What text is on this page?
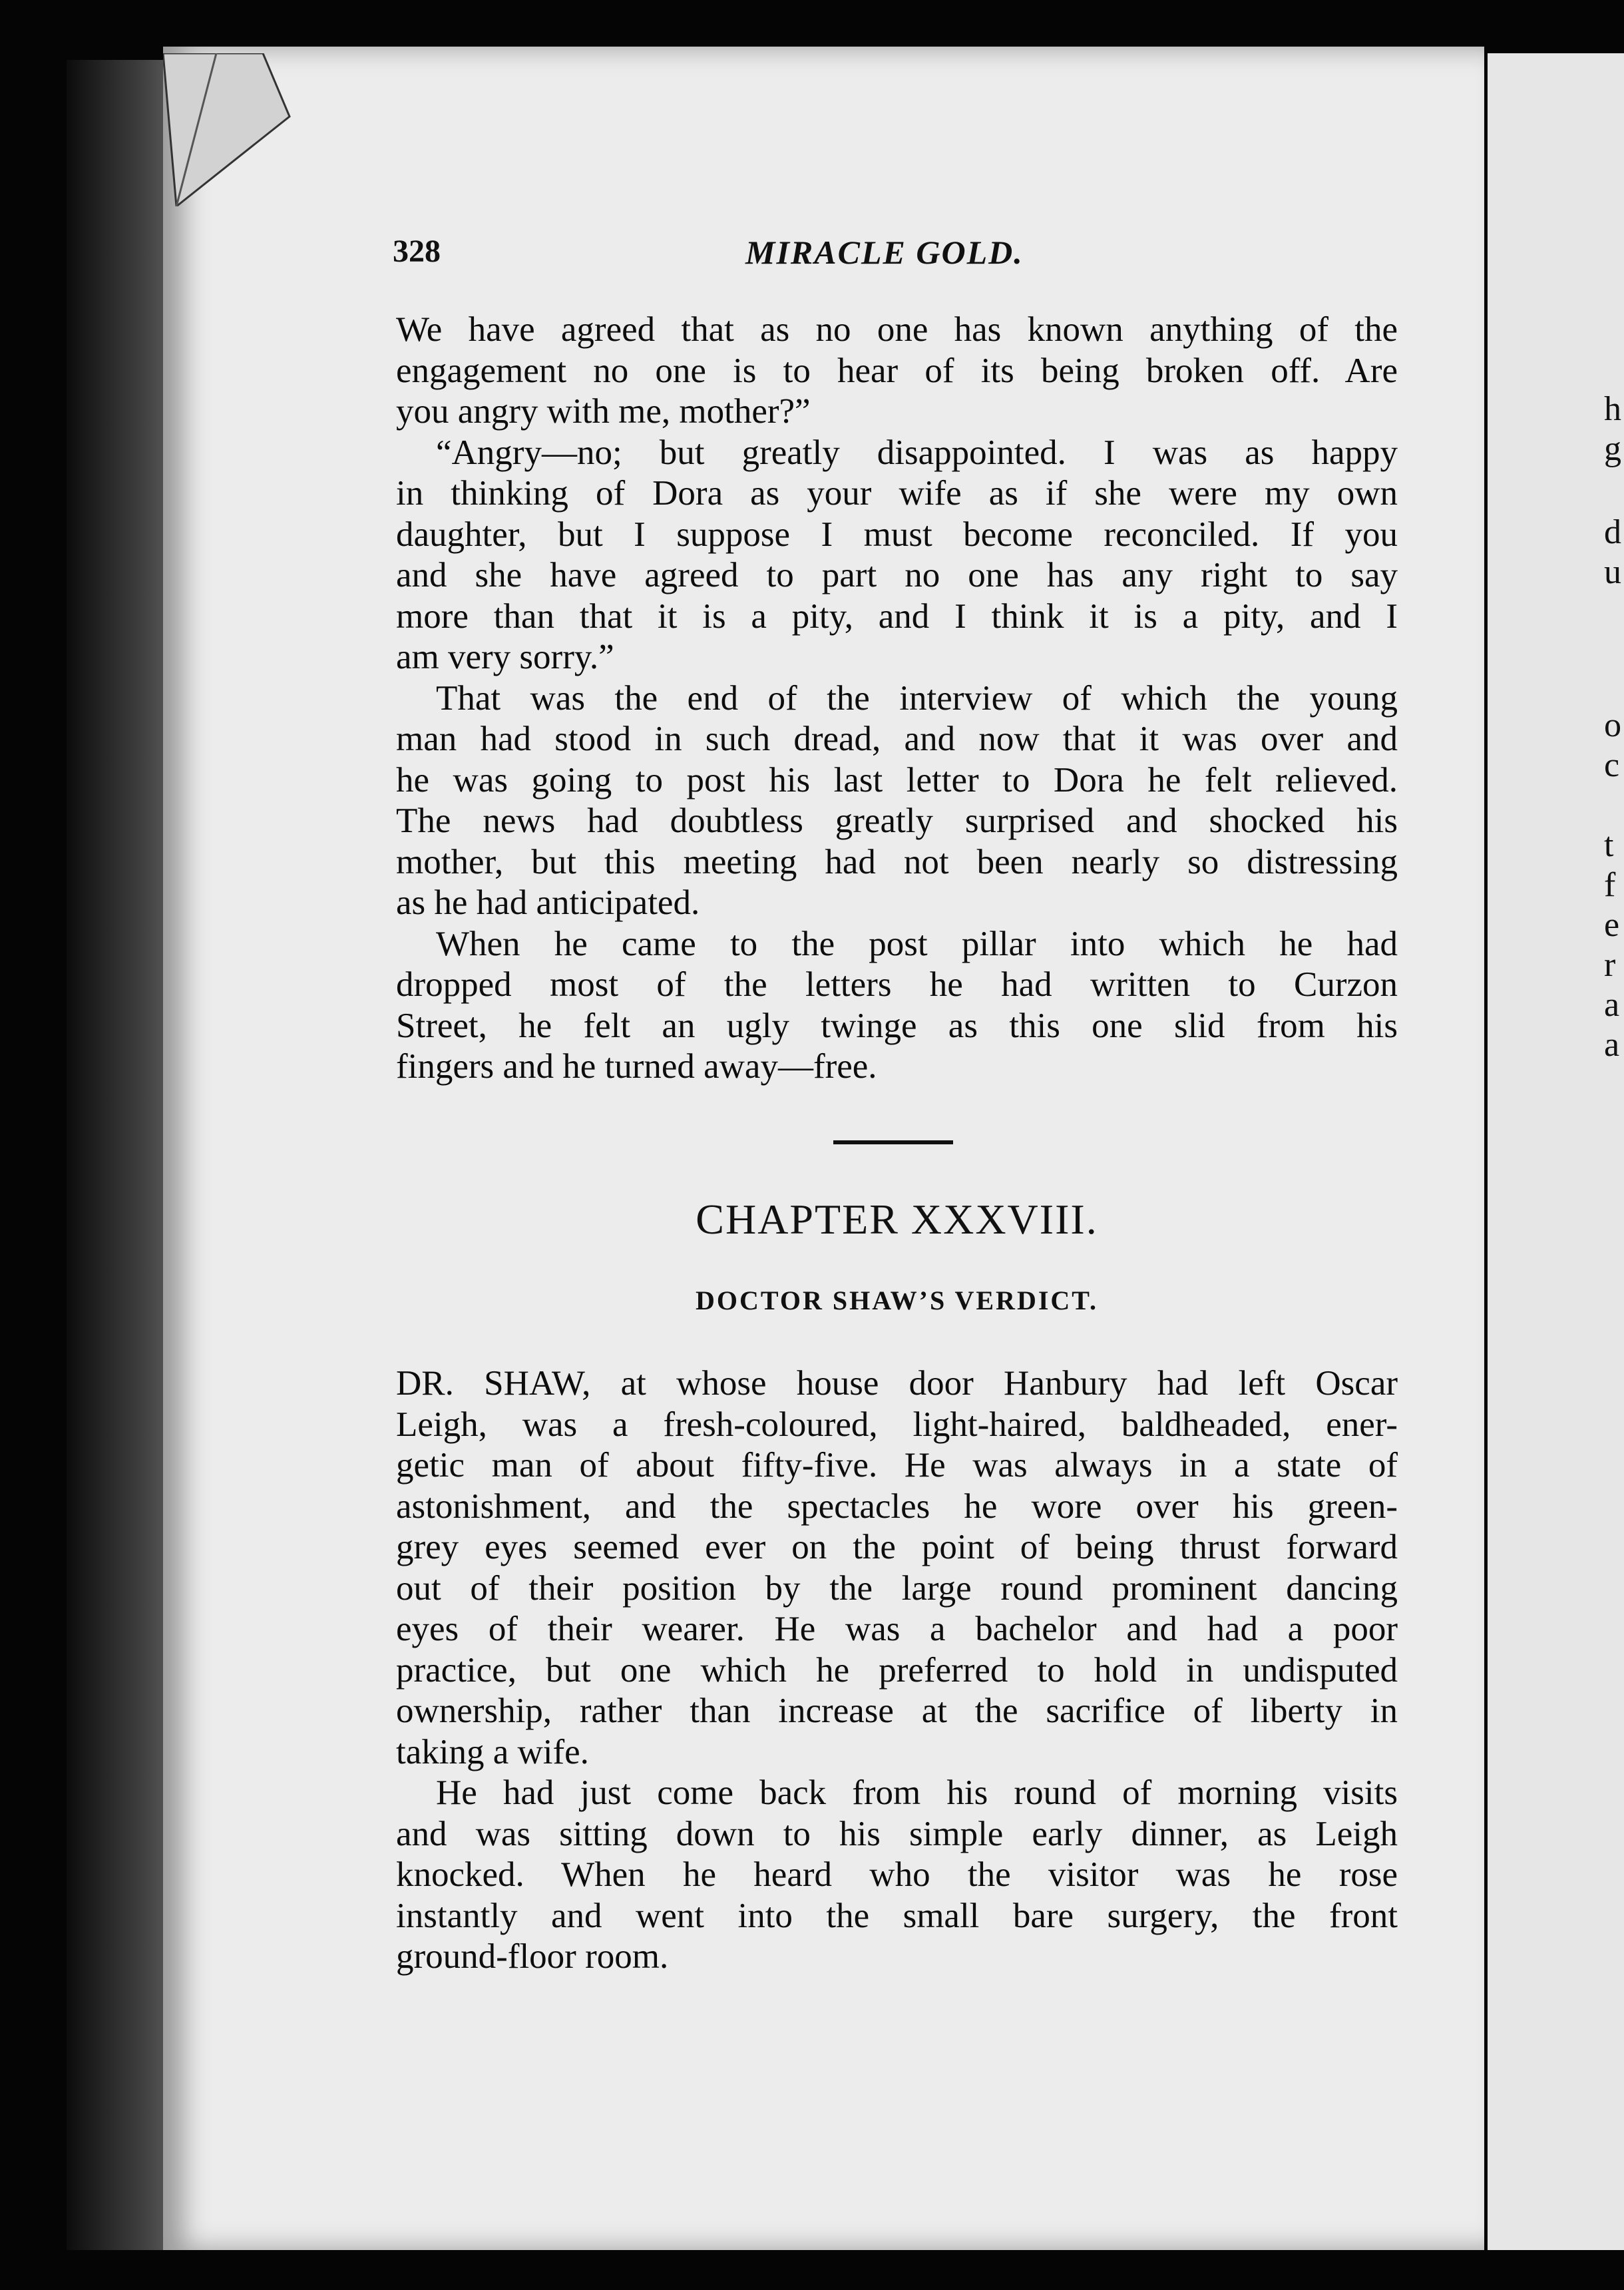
h
g
d
u
o
c
t
f
e
r
a
a
328	MIRACLE GOLD.
We have agreed that as no one has known anything of the
engagement no one is to hear of its being broken off. Are
you angry with me, mother?”
“Angry—no; but greatly disappointed. I was as happy
in thinking of Dora as your wife as if she were my own
daughter, but I suppose I must become reconciled. If you
and she have agreed to part no one has any right to say
more than that it is a pity, and I think it is a pity, and I
am very sorry.”
That was the end of the interview of which the young
man had stood in such dread, and now that it was over and
he was going to post his last letter to Dora he felt relieved.
The news had doubtless greatly surprised and shocked his
mother, but this meeting had not been nearly so distressing
as he had anticipated.
When he came to the post pillar into which he had
dropped most of the letters he had written to Curzon
Street, he felt an ugly twinge as this one slid from his
fingers and he turned away—free.
CHAPTER XXXVIII.
DOCTOR SHAW’S VERDICT.
DR. SHAW, at whose house door Hanbury had left Oscar
Leigh, was a fresh-coloured, light-haired, baldheaded, ener-
getic man of about fifty-five. He was always in a state of
astonishment, and the spectacles he wore over his green-
grey eyes seemed ever on the point of being thrust forward
out of their position by the large round prominent dancing
eyes of their wearer. He was a bachelor and had a poor
practice, but one which he preferred to hold in undisputed
ownership, rather than increase at the sacrifice of liberty in
taking a wife.
He had just come back from his round of morning visits
and was sitting down to his simple early dinner, as Leigh
knocked. When he heard who the visitor was he rose
instantly and went into the small bare surgery, the front
ground-floor room.
